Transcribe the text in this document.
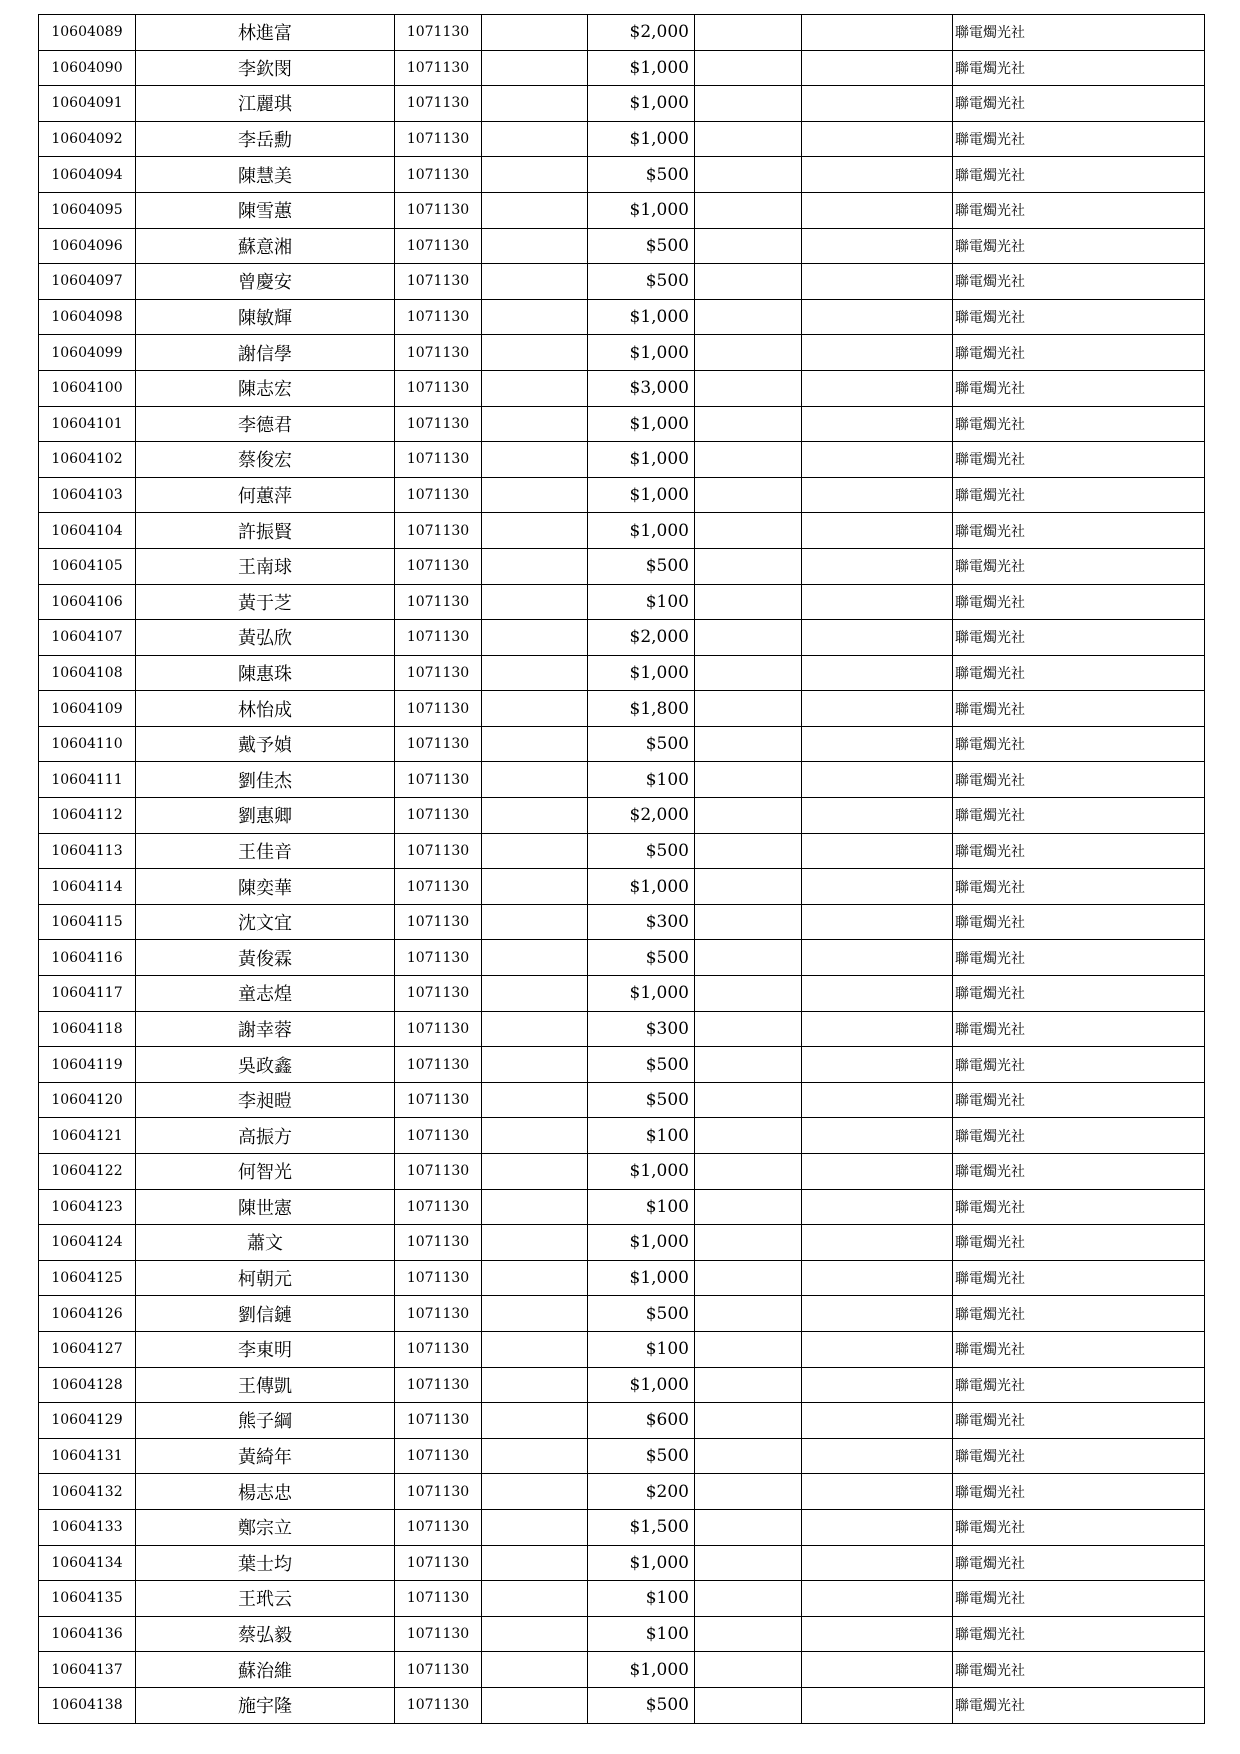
10604089	林進富	1071130		$2,000			聯電燭光社
10604090	李欽閔	1071130		$1,000			聯電燭光社
10604091	江麗琪	1071130		$1,000			聯電燭光社
10604092	李岳勳	1071130		$1,000			聯電燭光社
10604094	陳慧美	1071130		$500			聯電燭光社
10604095	陳雪蕙	1071130		$1,000			聯電燭光社
10604096	蘇意湘	1071130		$500			聯電燭光社
10604097	曾慶安	1071130		$500			聯電燭光社
10604098	陳敏輝	1071130		$1,000			聯電燭光社
10604099	謝信學	1071130		$1,000			聯電燭光社
10604100	陳志宏	1071130		$3,000			聯電燭光社
10604101	李德君	1071130		$1,000			聯電燭光社
10604102	蔡俊宏	1071130		$1,000			聯電燭光社
10604103	何蕙萍	1071130		$1,000			聯電燭光社
10604104	許振賢	1071130		$1,000			聯電燭光社
10604105	王南球	1071130		$500			聯電燭光社
10604106	黃于芝	1071130		$100			聯電燭光社
10604107	黃弘欣	1071130		$2,000			聯電燭光社
10604108	陳惠珠	1071130		$1,000			聯電燭光社
10604109	林怡成	1071130		$1,800			聯電燭光社
10604110	戴予媜	1071130		$500			聯電燭光社
10604111	劉佳杰	1071130		$100			聯電燭光社
10604112	劉惠卿	1071130		$2,000			聯電燭光社
10604113	王佳音	1071130		$500			聯電燭光社
10604114	陳奕華	1071130		$1,000			聯電燭光社
10604115	沈文宜	1071130		$300			聯電燭光社
10604116	黃俊霖	1071130		$500			聯電燭光社
10604117	童志煌	1071130		$1,000			聯電燭光社
10604118	謝幸蓉	1071130		$300			聯電燭光社
10604119	吳政鑫	1071130		$500			聯電燭光社
10604120	李昶暟	1071130		$500			聯電燭光社
10604121	高振方	1071130		$100			聯電燭光社
10604122	何智光	1071130		$1,000			聯電燭光社
10604123	陳世憲	1071130		$100			聯電燭光社
10604124	蕭文	1071130		$1,000			聯電燭光社
10604125	柯朝元	1071130		$1,000			聯電燭光社
10604126	劉信鏈	1071130		$500			聯電燭光社
10604127	李東明	1071130		$100			聯電燭光社
10604128	王傳凱	1071130		$1,000			聯電燭光社
10604129	熊子綱	1071130		$600			聯電燭光社
10604131	黃綺年	1071130		$500			聯電燭光社
10604132	楊志忠	1071130		$200			聯電燭光社
10604133	鄭宗立	1071130		$1,500			聯電燭光社
10604134	葉士均	1071130		$1,000			聯電燭光社
10604135	王玳云	1071130		$100			聯電燭光社
10604136	蔡弘毅	1071130		$100			聯電燭光社
10604137	蘇治維	1071130		$1,000			聯電燭光社
10604138	施宇隆	1071130		$500			聯電燭光社
